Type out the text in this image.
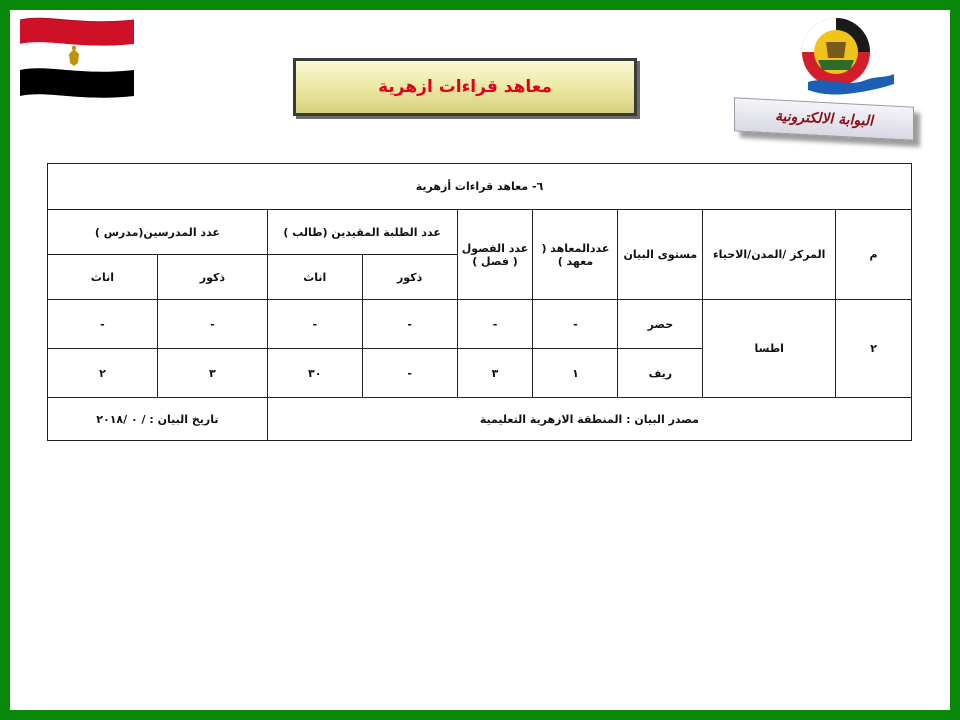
معاهد قراءات ازهرية
البوابة الالكترونية
٦- معاهد قراءات أزهرية								
م	المركز /المدن/الاحياء	مستوى البيان	عددالمعاهد ( معهد )	عدد الفصول ( فصل )	عدد الطلبة المقيدين (طالب )		عدد المدرسين(مدرس )	
					ذكور	اناث	ذكور	اناث
٢	اطسا	حضر	-	-	-	-	-	-
		ريف	١	٣	-	٣٠	٣	٢
مصدر البيان : المنطقة الازهرية التعليمية							تاريخ البيان : / ٠ /٢٠١٨	
